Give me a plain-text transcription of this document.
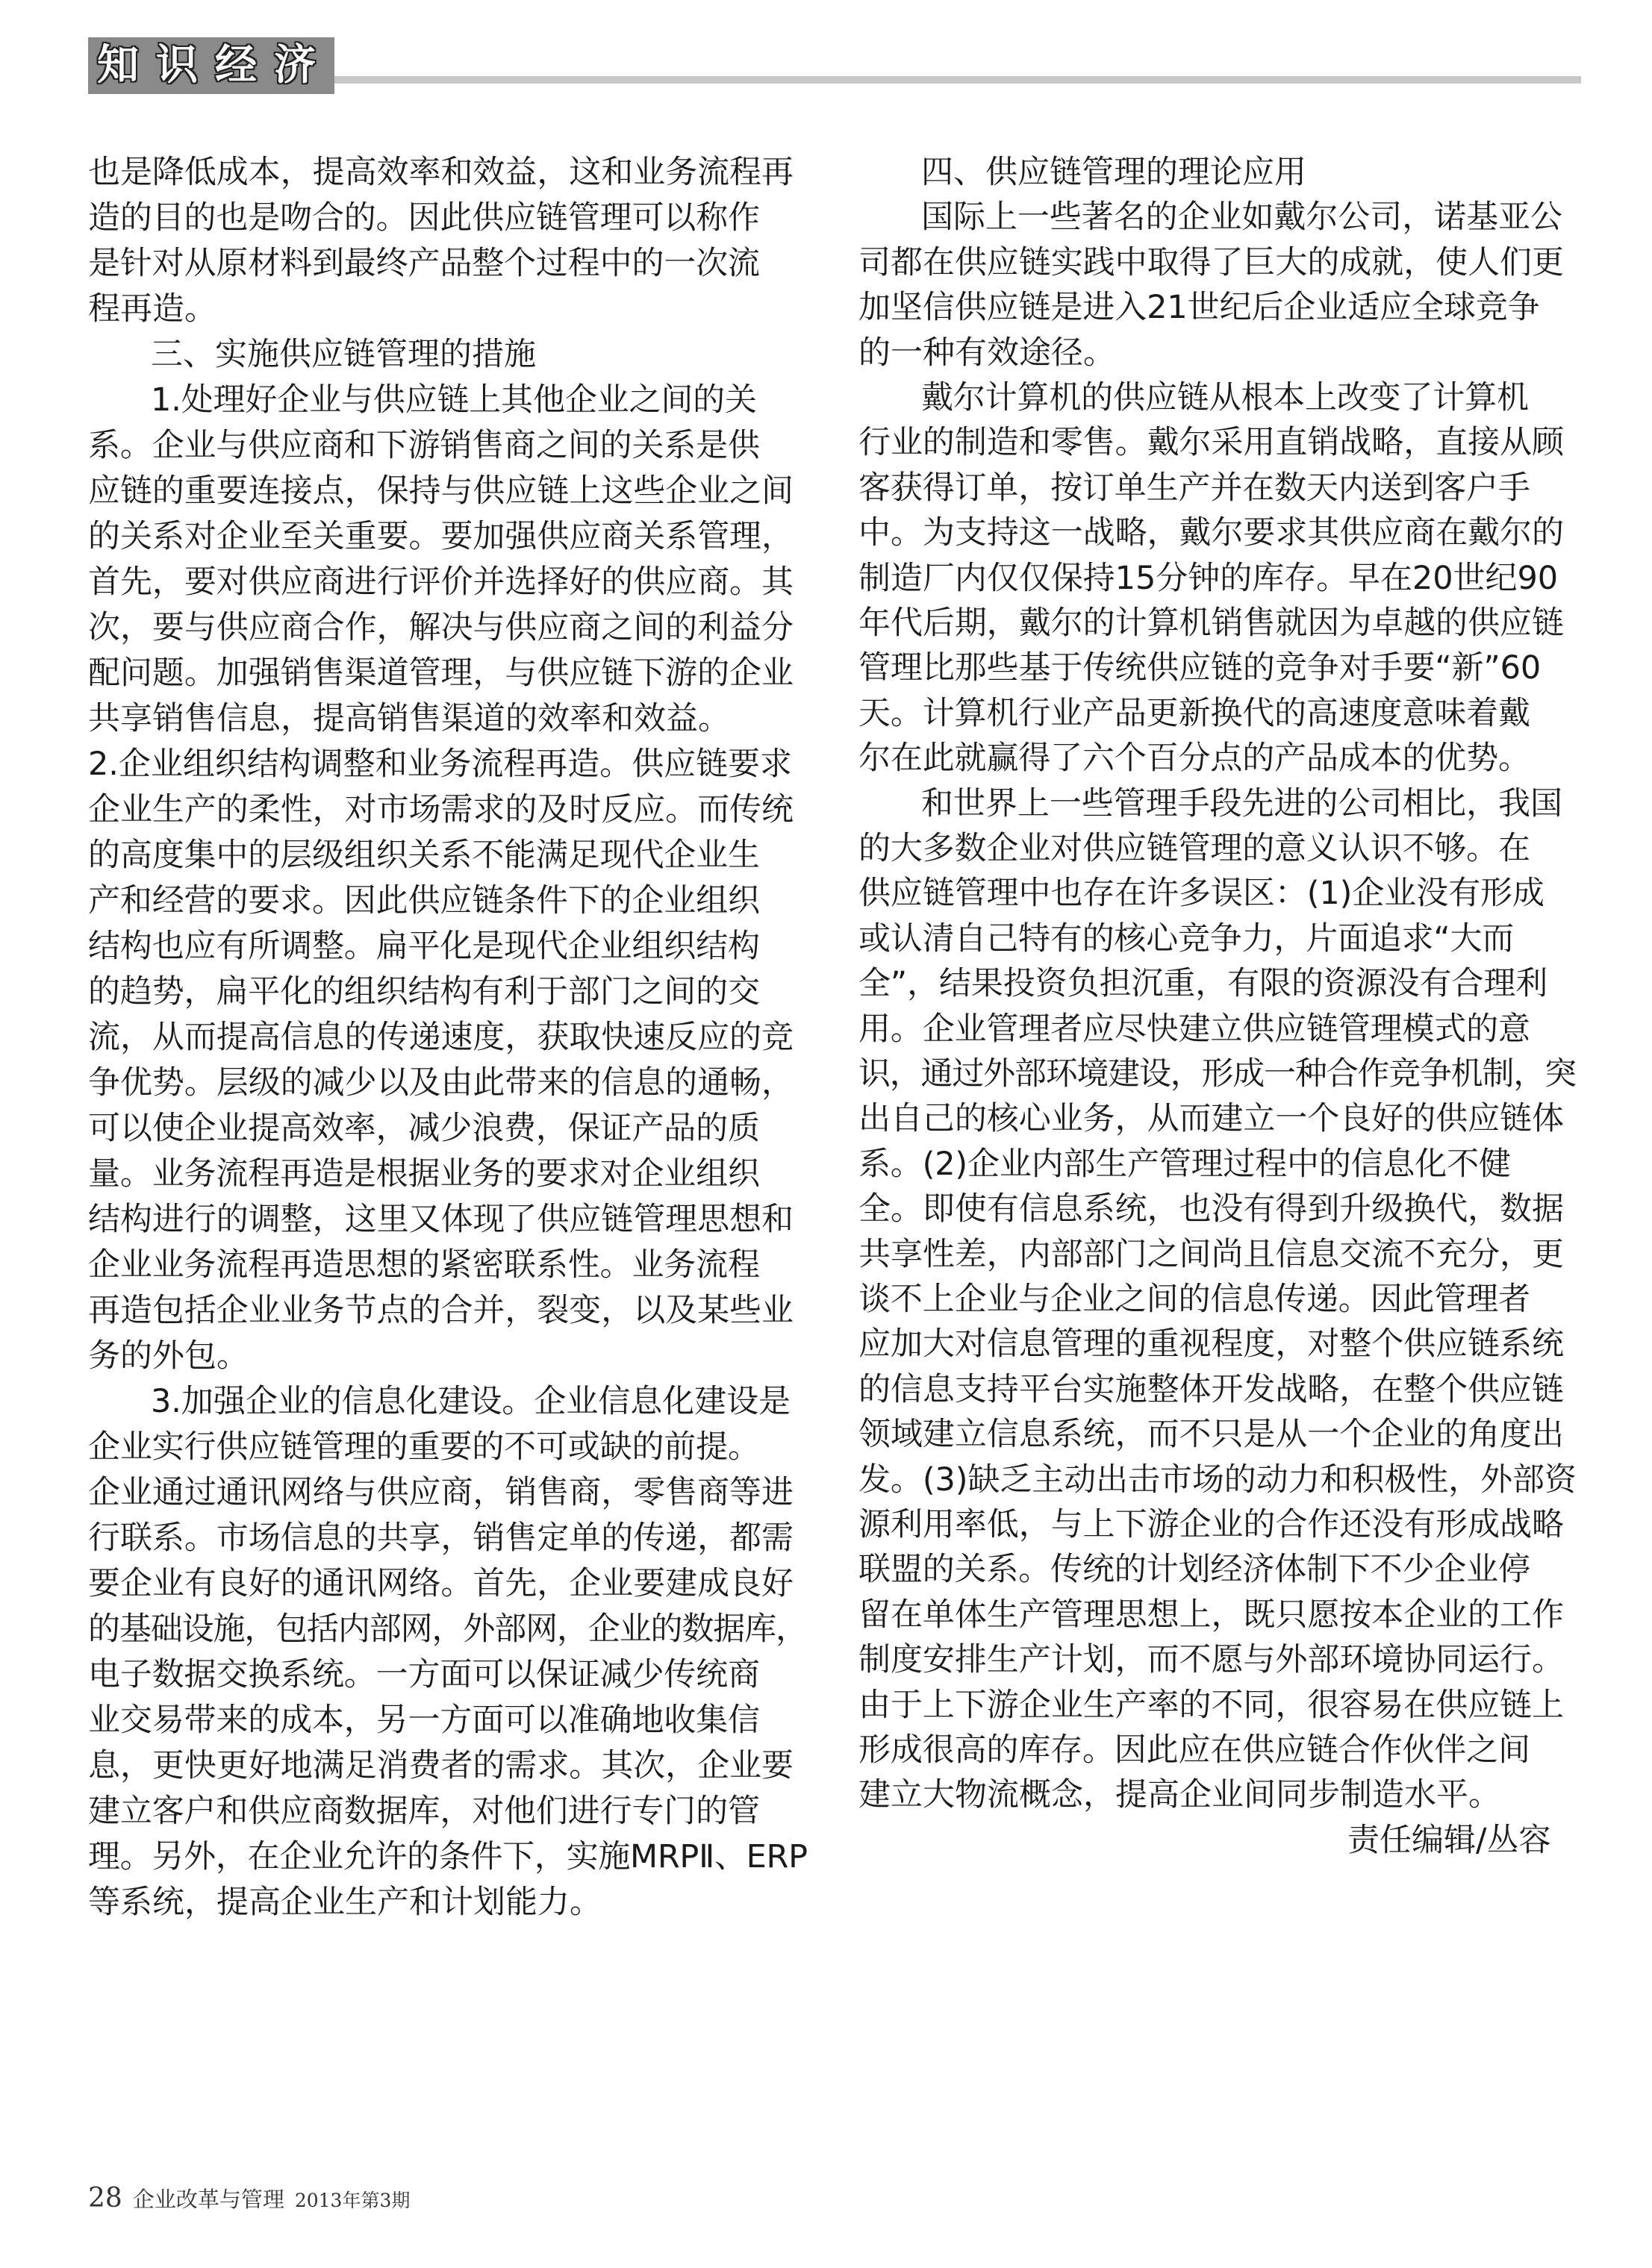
知 识 经 济
28 企业改革与管理 2013年第3期
也是降低成本，提高效率和效益，这和业务流程再
造的目的也是吻合的。因此供应链管理可以称作
是针对从原材料到最终产品整个过程中的一次流
程再造。
三、实施供应链管理的措施
1.处理好企业与供应链上其他企业之间的关
系。企业与供应商和下游销售商之间的关系是供
应链的重要连接点，保持与供应链上这些企业之间
的关系对企业至关重要。要加强供应商关系管理，
首先，要对供应商进行评价并选择好的供应商。其
次，要与供应商合作，解决与供应商之间的利益分
配问题。加强销售渠道管理，与供应链下游的企业
共享销售信息，提高销售渠道的效率和效益。
2.企业组织结构调整和业务流程再造。供应链要求
企业生产的柔性，对市场需求的及时反应。而传统
的高度集中的层级组织关系不能满足现代企业生
产和经营的要求。因此供应链条件下的企业组织
结构也应有所调整。扁平化是现代企业组织结构
的趋势，扁平化的组织结构有利于部门之间的交
流，从而提高信息的传递速度，获取快速反应的竞
争优势。层级的减少以及由此带来的信息的通畅，
可以使企业提高效率，减少浪费，保证产品的质
量。业务流程再造是根据业务的要求对企业组织
结构进行的调整，这里又体现了供应链管理思想和
企业业务流程再造思想的紧密联系性。业务流程
再造包括企业业务节点的合并，裂变，以及某些业
务的外包。
3.加强企业的信息化建设。企业信息化建设是
企业实行供应链管理的重要的不可或缺的前提。
企业通过通讯网络与供应商，销售商，零售商等进
行联系。市场信息的共享，销售定单的传递，都需
要企业有良好的通讯网络。首先，企业要建成良好
的基础设施，包括内部网，外部网，企业的数据库，
电子数据交换系统。一方面可以保证减少传统商
业交易带来的成本，另一方面可以准确地收集信
息，更快更好地满足消费者的需求。其次，企业要
建立客户和供应商数据库，对他们进行专门的管
理。另外，在企业允许的条件下，实施MRPⅡ、ERP
等系统，提高企业生产和计划能力。
四、供应链管理的理论应用
国际上一些著名的企业如戴尔公司，诺基亚公
司都在供应链实践中取得了巨大的成就，使人们更
加坚信供应链是进入21世纪后企业适应全球竞争
的一种有效途径。
戴尔计算机的供应链从根本上改变了计算机
行业的制造和零售。戴尔采用直销战略，直接从顾
客获得订单，按订单生产并在数天内送到客户手
中。为支持这一战略，戴尔要求其供应商在戴尔的
制造厂内仅仅保持15分钟的库存。早在20世纪90
年代后期，戴尔的计算机销售就因为卓越的供应链
管理比那些基于传统供应链的竞争对手要“新”60
天。计算机行业产品更新换代的高速度意味着戴
尔在此就赢得了六个百分点的产品成本的优势。
和世界上一些管理手段先进的公司相比，我国
的大多数企业对供应链管理的意义认识不够。在
供应链管理中也存在许多误区：(1)企业没有形成
或认清自己特有的核心竞争力，片面追求“大而
全”，结果投资负担沉重，有限的资源没有合理利
用。企业管理者应尽快建立供应链管理模式的意
识，通过外部环境建设，形成一种合作竞争机制，突
出自己的核心业务，从而建立一个良好的供应链体
系。(2)企业内部生产管理过程中的信息化不健
全。即使有信息系统，也没有得到升级换代，数据
共享性差，内部部门之间尚且信息交流不充分，更
谈不上企业与企业之间的信息传递。因此管理者
应加大对信息管理的重视程度，对整个供应链系统
的信息支持平台实施整体开发战略，在整个供应链
领域建立信息系统，而不只是从一个企业的角度出
发。(3)缺乏主动出击市场的动力和积极性，外部资
源利用率低，与上下游企业的合作还没有形成战略
联盟的关系。传统的计划经济体制下不少企业停
留在单体生产管理思想上，既只愿按本企业的工作
制度安排生产计划，而不愿与外部环境协同运行。
由于上下游企业生产率的不同，很容易在供应链上
形成很高的库存。因此应在供应链合作伙伴之间
建立大物流概念，提高企业间同步制造水平。
责任编辑/丛容
